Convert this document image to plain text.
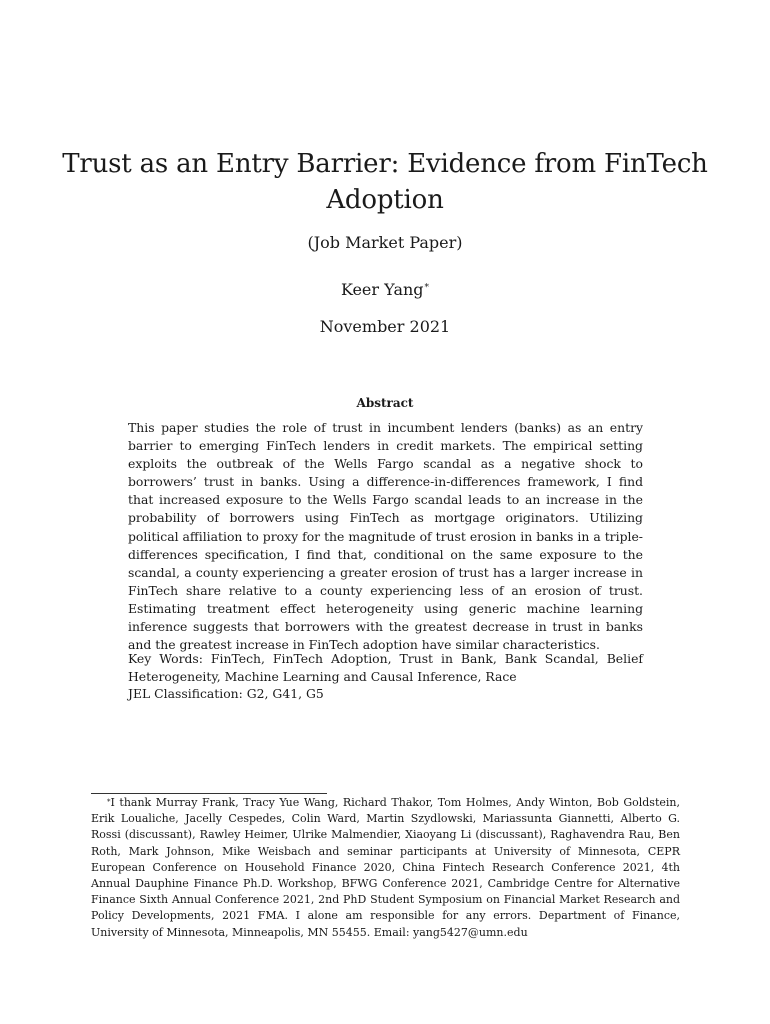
Trust as an Entry Barrier: Evidence from FinTech Adoption
(Job Market Paper)
Keer Yang*
November 2021
Abstract
This paper studies the role of trust in incumbent lenders (banks) as an entry barrier to emerging FinTech lenders in credit markets. The empirical setting exploits the outbreak of the Wells Fargo scandal as a negative shock to borrowers’ trust in banks. Using a difference-in-differences framework, I find that increased exposure to the Wells Fargo scandal leads to an increase in the probability of borrowers using FinTech as mortgage originators. Utilizing political affiliation to proxy for the magnitude of trust erosion in banks in a triple-differences specification, I find that, conditional on the same exposure to the scandal, a county experiencing a greater erosion of trust has a larger increase in FinTech share relative to a county experiencing less of an erosion of trust. Estimating treatment effect heterogeneity using generic machine learning inference suggests that borrowers with the greatest decrease in trust in banks and the greatest increase in FinTech adoption have similar characteristics.
Key Words: FinTech, FinTech Adoption, Trust in Bank, Bank Scandal, Belief Heterogeneity, Machine Learning and Causal Inference, Race
JEL Classification: G2, G41, G5
*I thank Murray Frank, Tracy Yue Wang, Richard Thakor, Tom Holmes, Andy Winton, Bob Goldstein, Erik Loualiche, Jacelly Cespedes, Colin Ward, Martin Szydlowski, Mariassunta Giannetti, Alberto G. Rossi (discussant), Rawley Heimer, Ulrike Malmendier, Xiaoyang Li (discussant), Raghavendra Rau, Ben Roth, Mark Johnson, Mike Weisbach and seminar participants at University of Minnesota, CEPR European Conference on Household Finance 2020, China Fintech Research Conference 2021, 4th Annual Dauphine Finance Ph.D. Workshop, BFWG Conference 2021, Cambridge Centre for Alternative Finance Sixth Annual Conference 2021, 2nd PhD Student Symposium on Financial Market Research and Policy Developments, 2021 FMA. I alone am responsible for any errors. Department of Finance, University of Minnesota, Minneapolis, MN 55455. Email: yang5427@umn.edu
